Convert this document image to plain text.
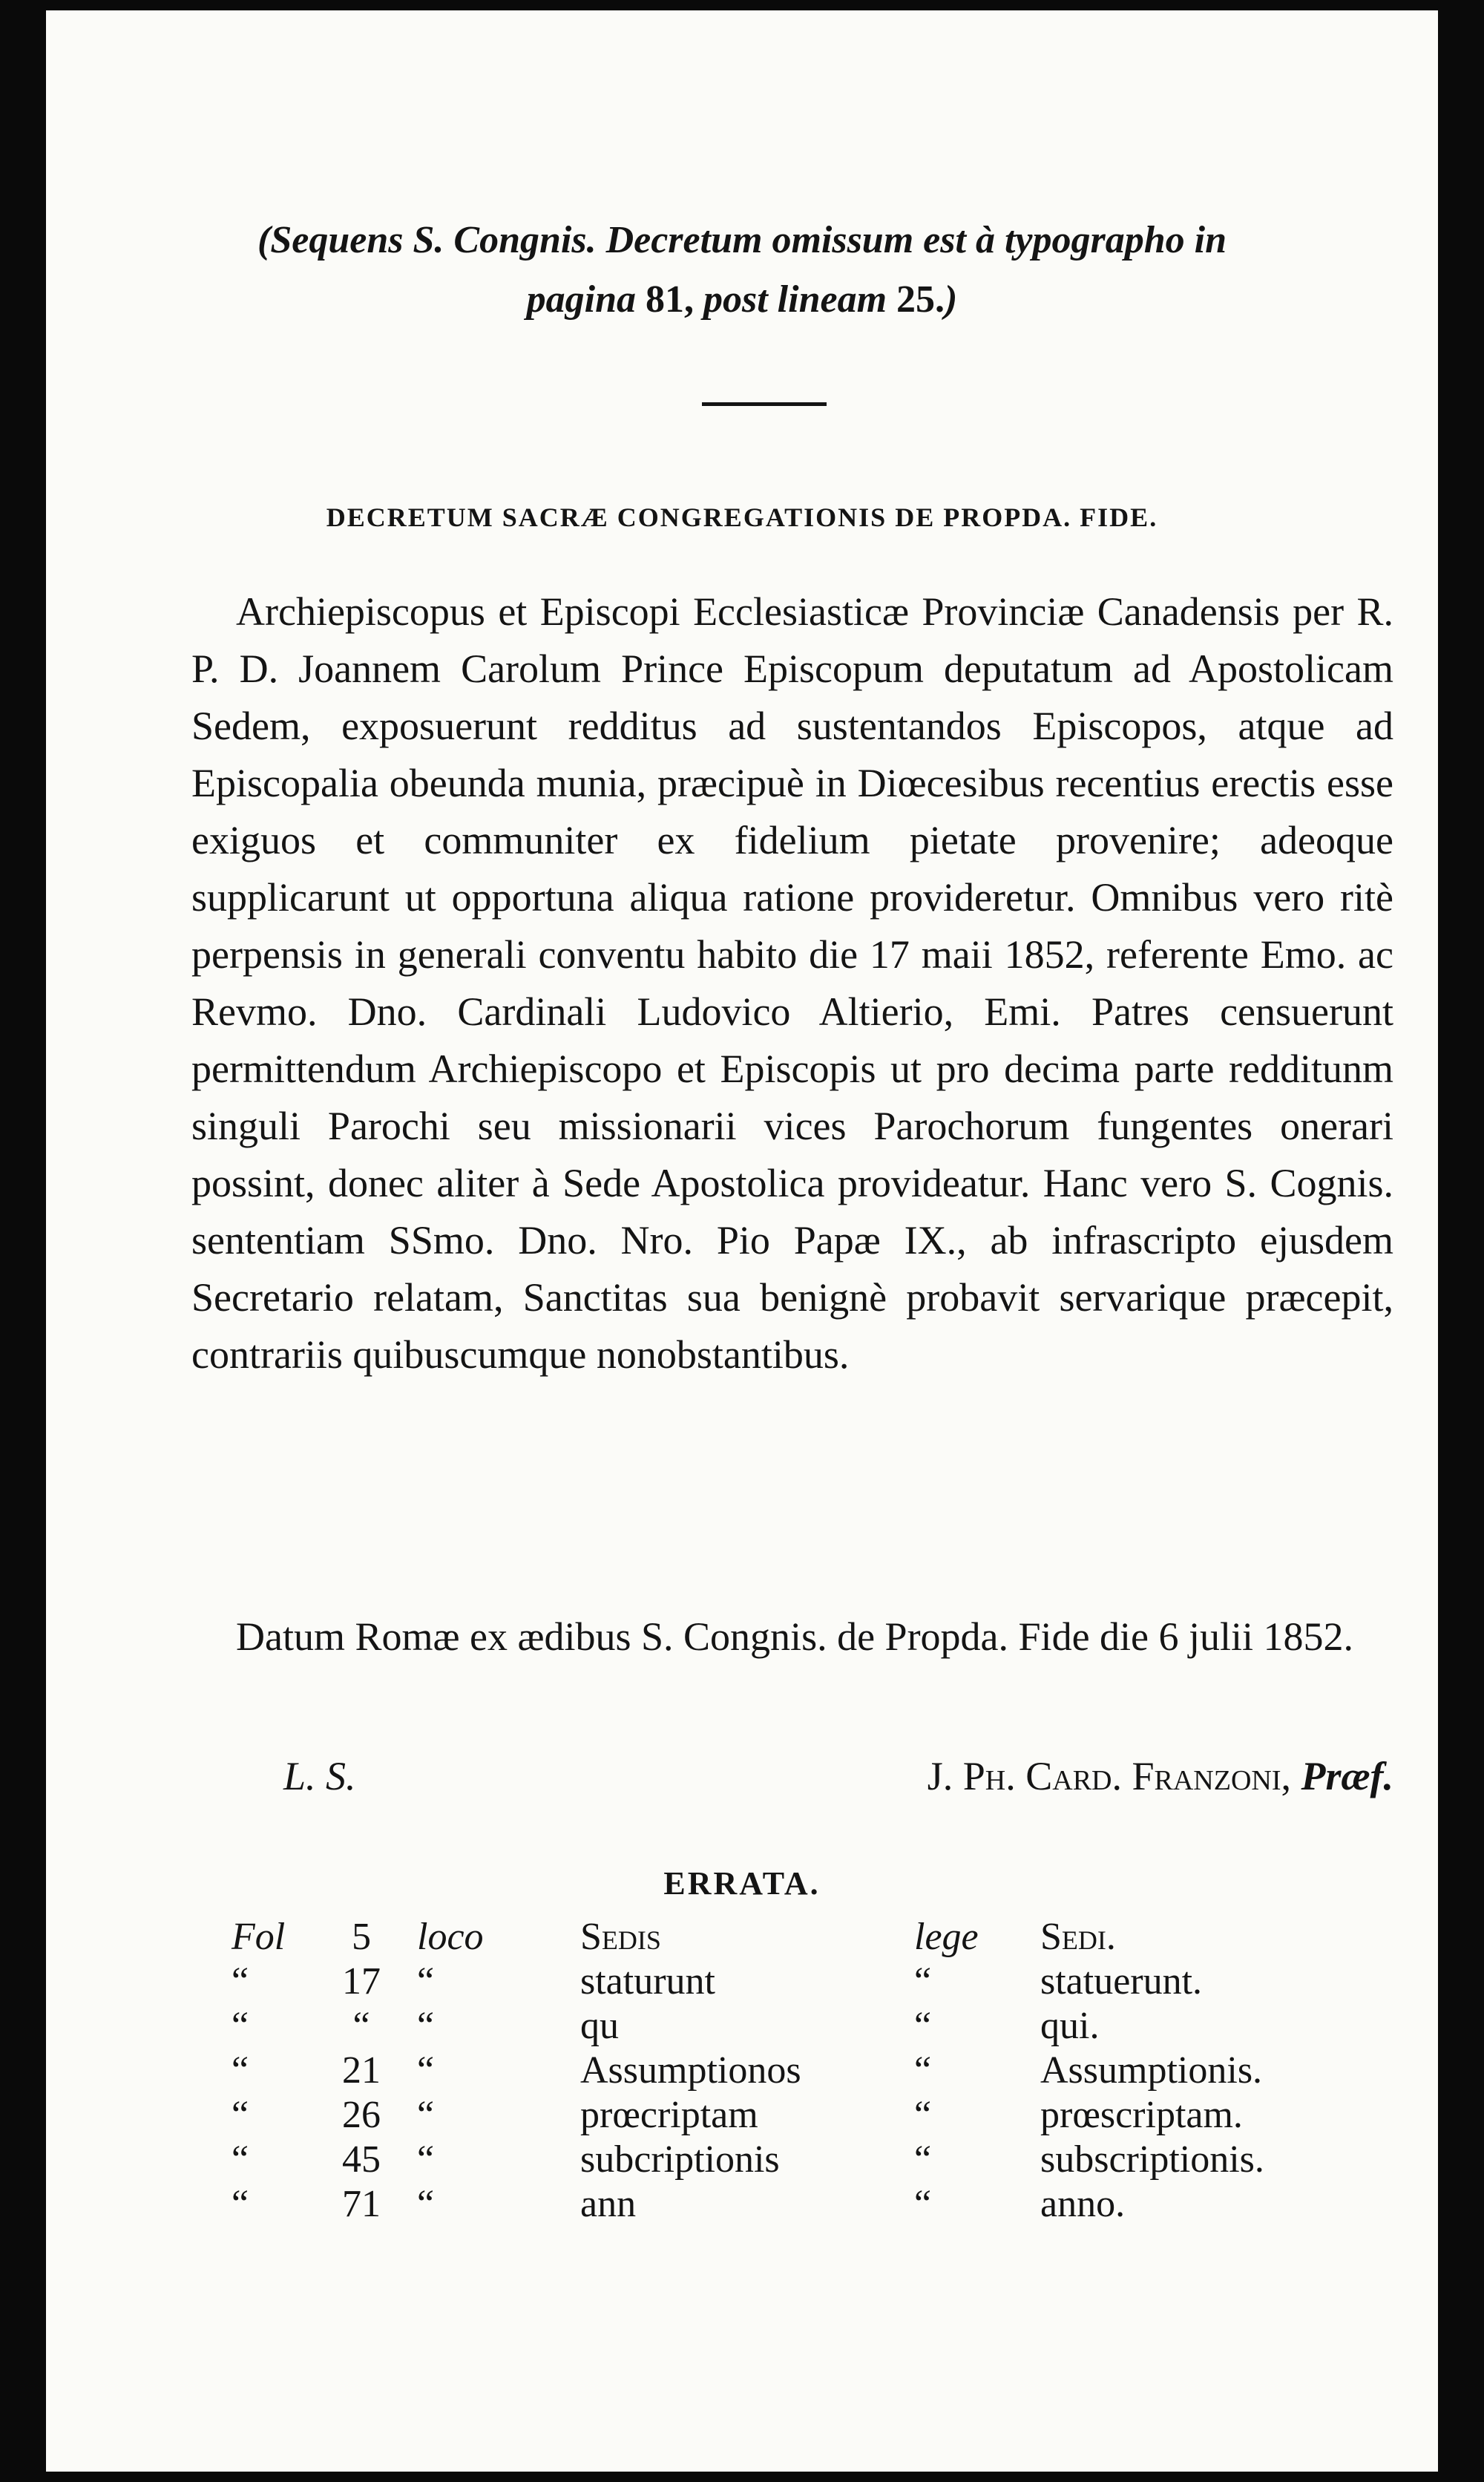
(Sequens S. Congnis. Decretum omissum est à typographo in
pagina 81, post lineam 25.)
DECRETUM SACRÆ CONGREGATIONIS DE PROPDA. FIDE.

Archiepiscopus et Episcopi Ecclesiasticæ Provinciæ Canadensis per R. P. D. Joannem Carolum Prince Episcopum deputatum ad Apostolicam Sedem, exposuerunt redditus ad sustentandos Episcopos, atque ad Episcopalia obeunda munia, præcipuè in Diœcesibus recentius erectis esse exiguos et communiter ex fidelium pietate provenire; adeoque supplicarunt ut opportuna aliqua ratione provideretur. Omnibus vero ritè perpensis in generali conventu habito die 17 maii 1852, referente Emo. ac Revmo. Dno. Cardinali Ludovico Altierio, Emi. Patres censuerunt permittendum Archiepiscopo et Episcopis ut pro decima parte redditunm singuli Parochi seu missionarii vices Parochorum fungentes onerari possint, donec aliter à Sede Apostolica provideatur. Hanc vero S. Cognis. sententiam SSmo. Dno. Nro. Pio Papæ IX., ab infrascripto ejusdem Secretario relatam, Sanctitas sua benignè probavit servarique præcepit, contrariis quibuscumque nonobstantibus.

Datum Romæ ex ædibus S. Congnis. de Propda. Fide die 6 julii 1852.

L. S.	J. Ph. Card. Franzoni, Præf.
ERRATA.
Fol	5	loco	Sedis	lege	Sedi.
“	17	“	staturunt	“	statuerunt.
“	“	“	qu	“	qui.
“	21	“	Assumptionos	“	Assumptionis.
“	26	“	prœcriptam	“	prœscriptam.
“	45	“	subcriptionis	“	subscriptionis.
“	71	“	ann	“	anno.
